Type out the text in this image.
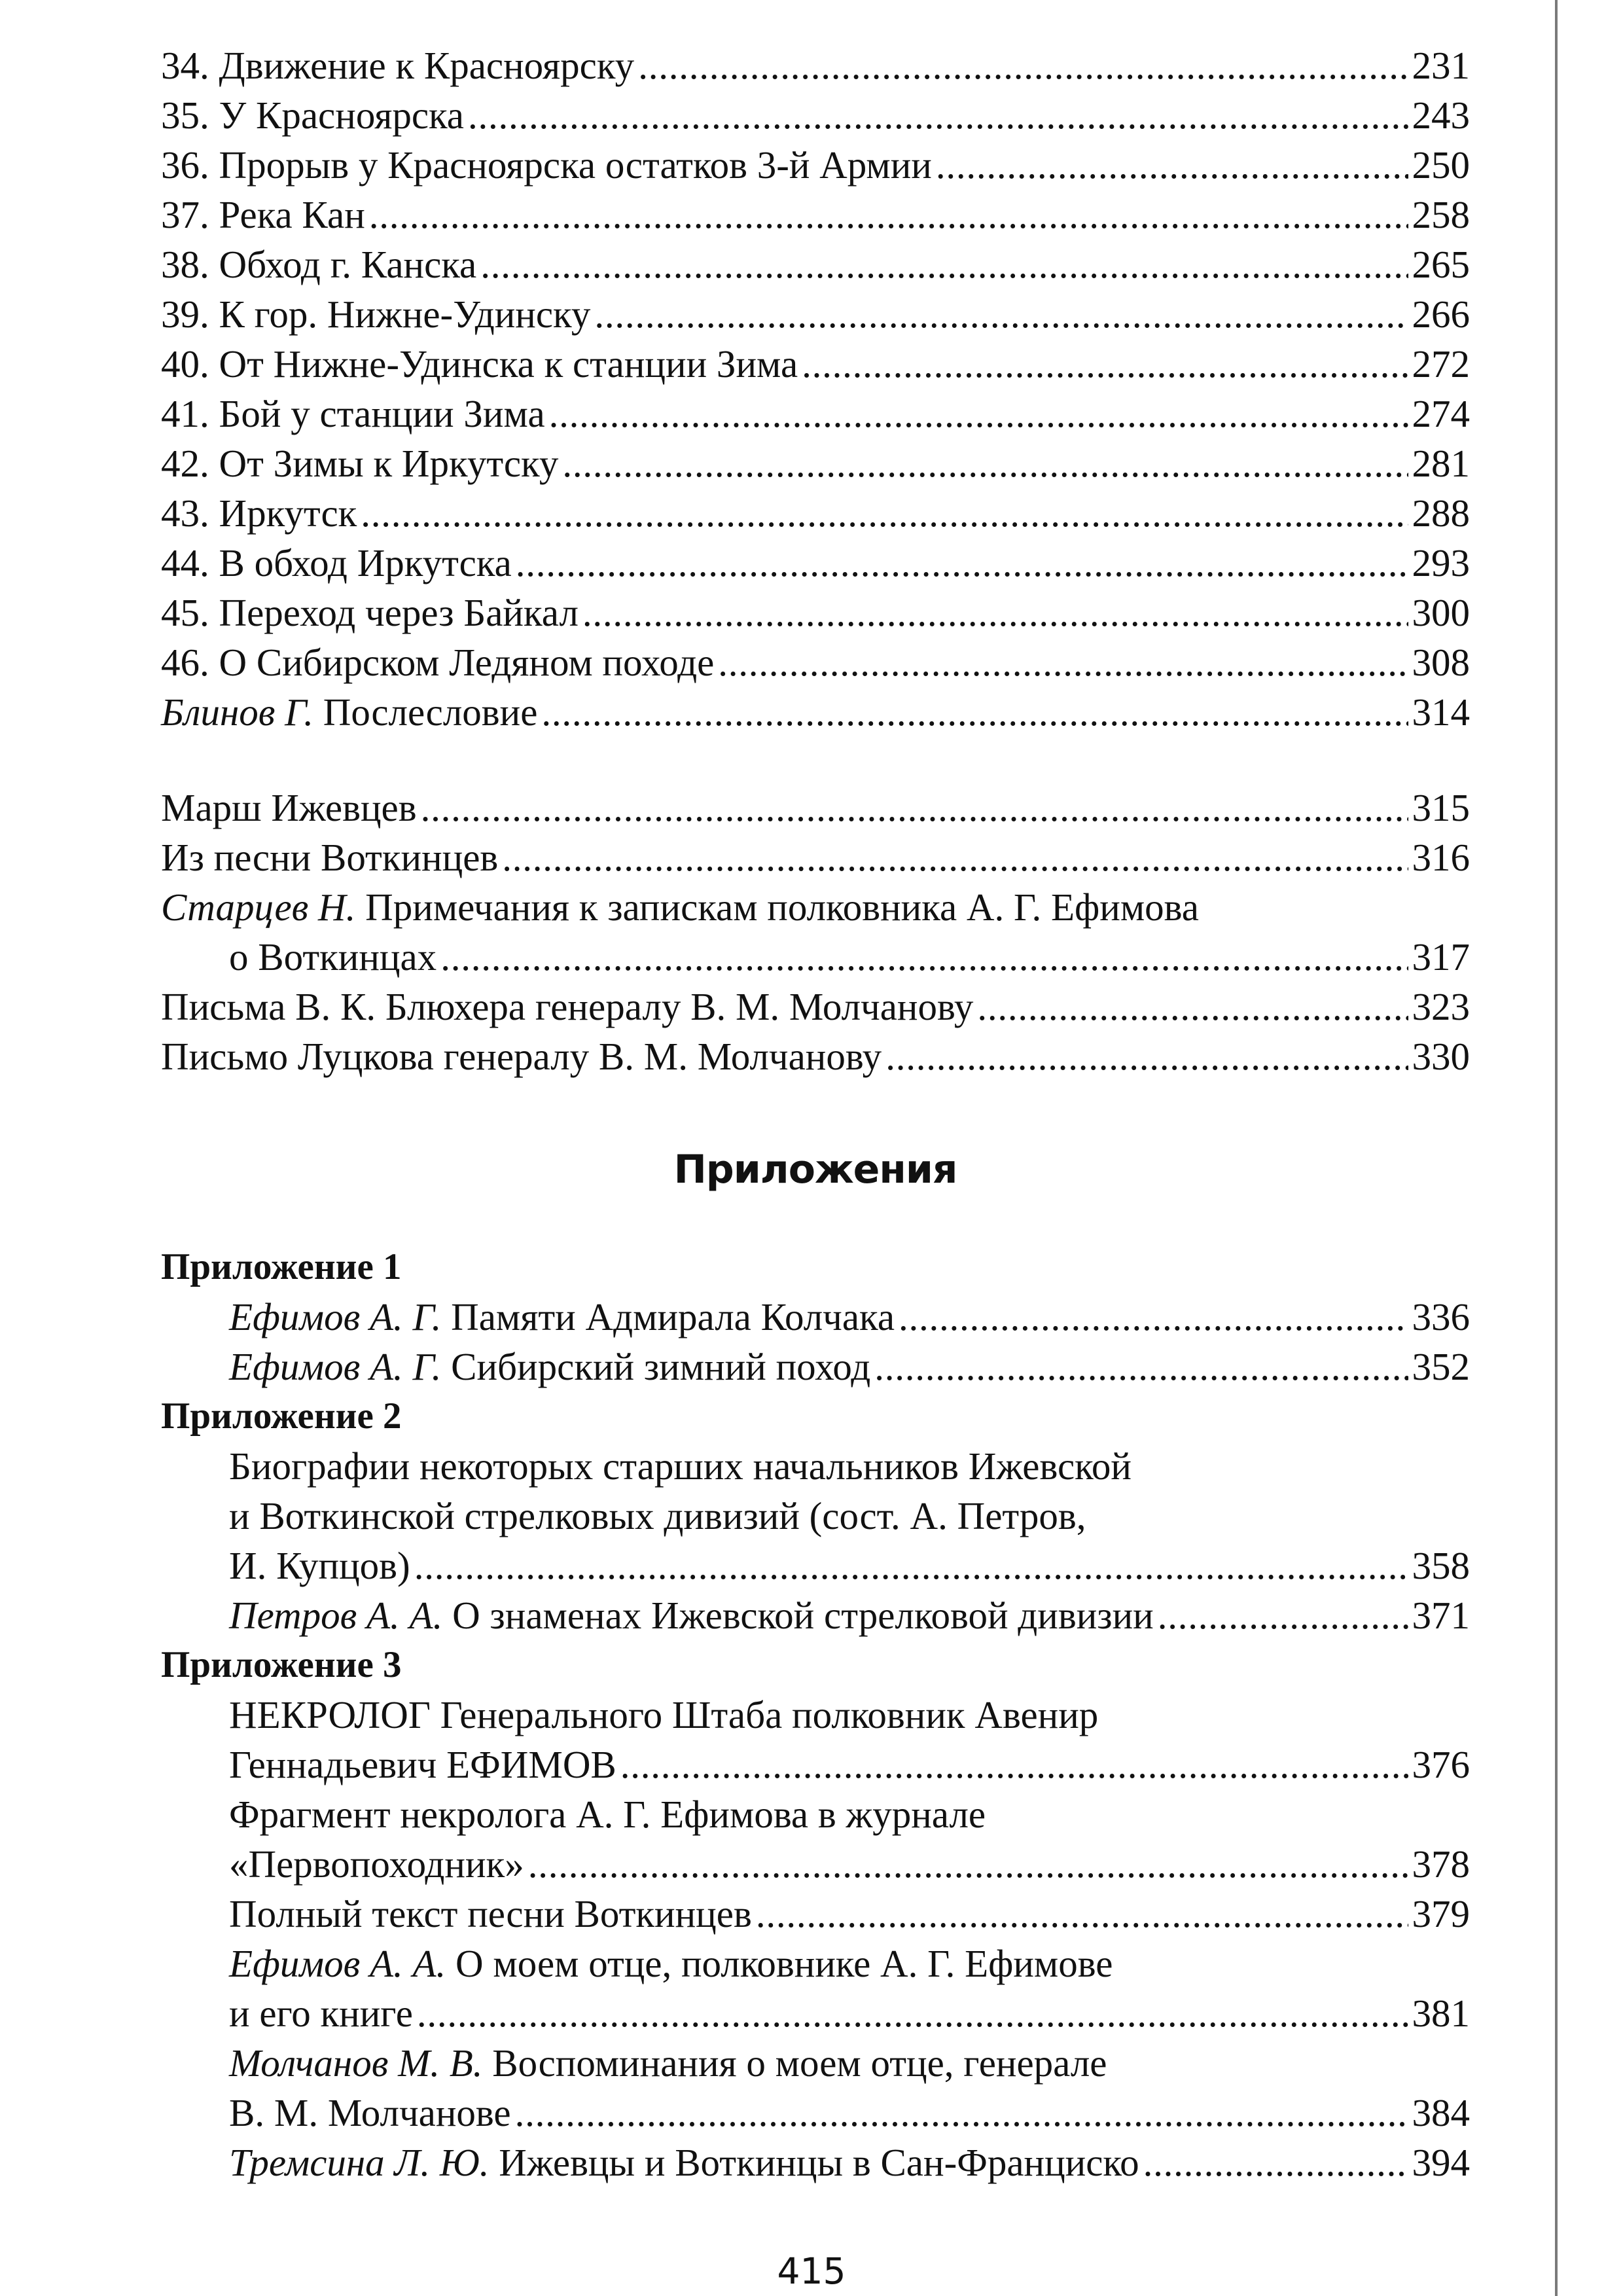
34. Движение к Красноярску . . .	231
35. У Красноярска . . .	243
36. Прорыв у Красноярска остатков 3-й Армии . . .	250
37. Река Кан . . .	258
38. Обход г. Канска . . .	265
39. К гор. Нижне-Удинску . . .	266
40. От Нижне-Удинска к станции Зима . . .	272
41. Бой у станции Зима . . .	274
42. От Зимы к Иркутску . . .	281
43. Иркутск . . .	288
44. В обход Иркутска . . .	293
45. Переход через Байкал . . .	300
46. О Сибирском Ледяном походе . . .	308
Блинов Г. Послесловие . . .	314
Марш Ижевцев . . .	315
Из песни Воткинцев . . .	316
Старцев Н. Примечания к запискам полковника А. Г. Ефимова
о Воткинцах . . .	317
Письма В. К. Блюхера генералу В. М. Молчанову . . .	323
Письмо Луцкова генералу В. М. Молчанову . . .	330
Приложения
Приложение 1
Ефимов А. Г. Памяти Адмирала Колчака . . .	336
Ефимов А. Г. Сибирский зимний поход . . .	352
Приложение 2
Биографии некоторых старших начальников Ижевской
и Воткинской стрелковых дивизий (сост. А. Петров,
И. Купцов) . . .	358
Петров А. А. О знаменах Ижевской стрелковой дивизии . . .	371
Приложение 3
НЕКРОЛОГ Генерального Штаба полковник Авенир
Геннадьевич ЕФИМОВ . . .	376
Фрагмент некролога А. Г. Ефимова в журнале
«Первопоходник» . . .	378
Полный текст песни Воткинцев . . .	379
Ефимов А. А. О моем отце, полковнике А. Г. Ефимове
и его книге . . .	381
Молчанов М. В. Воспоминания о моем отце, генерале
В. М. Молчанове . . .	384
Тремсина Л. Ю. Ижевцы и Воткинцы в Сан-Франциско . . .	394
415
